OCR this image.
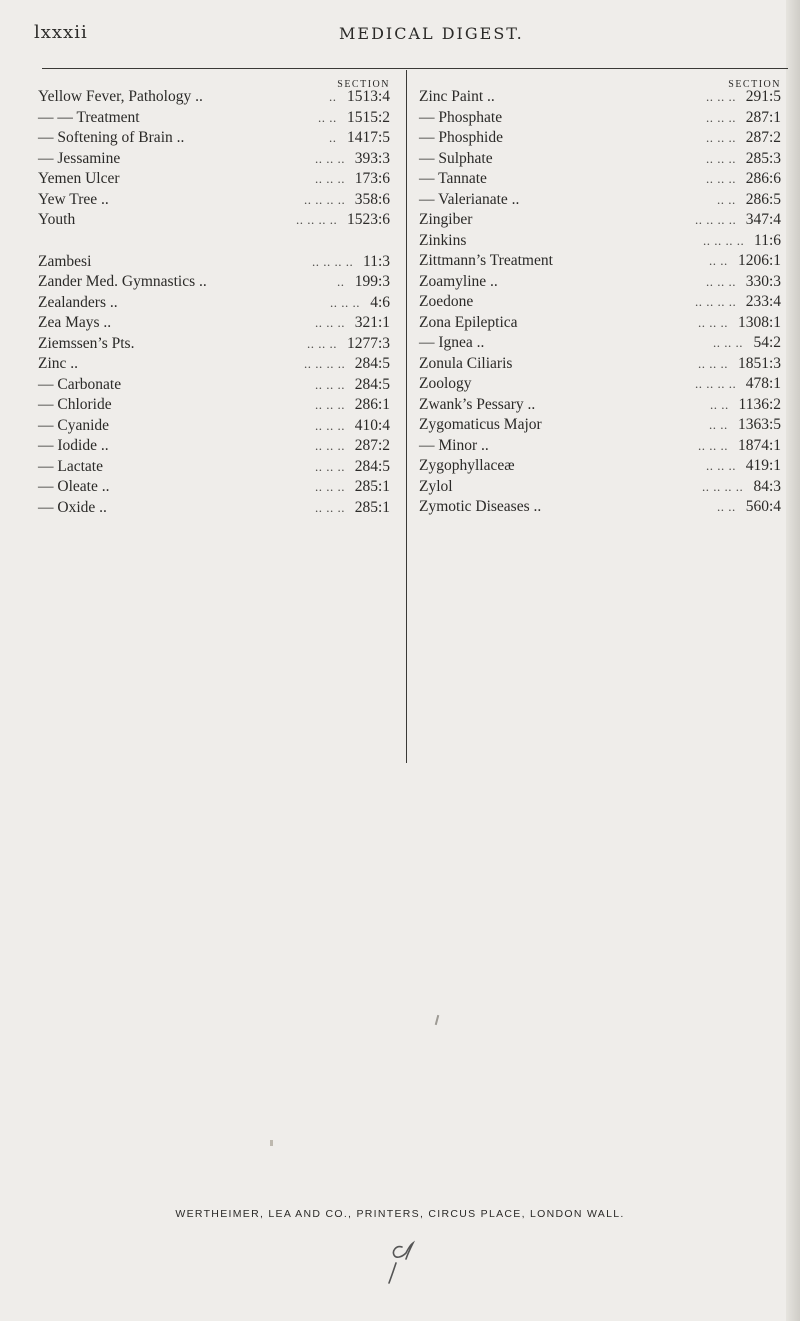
lxxxii	MEDICAL DIGEST.
SECTION
Yellow Fever, Pathology ..	.. 1513:4
— — Treatment	.. .. 1515:2
— Softening of Brain ..	.. 1417:5
— Jessamine	.. .. .. 393:3
Yemen Ulcer	.. .. .. 173:6
Yew Tree ..	.. .. .. .. 358:6
Youth	.. .. .. .. 1523:6
Zambesi	.. .. .. .. 11:3
Zander Med. Gymnastics ..	.. 199:3
Zealanders ..	.. .. .. 4:6
Zea Mays ..	.. .. .. 321:1
Ziemssen’s Pts.	.. .. .. 1277:3
Zinc ..	.. .. .. .. 284:5
— Carbonate	.. .. .. 284:5
— Chloride	.. .. .. 286:1
— Cyanide	.. .. .. 410:4
— Iodide ..	.. .. .. 287:2
— Lactate	.. .. .. 284:5
— Oleate ..	.. .. .. 285:1
— Oxide ..	.. .. .. 285:1
SECTION
Zinc Paint ..	.. .. .. 291:5
— Phosphate	.. .. .. 287:1
— Phosphide	.. .. .. 287:2
— Sulphate	.. .. .. 285:3
— Tannate	.. .. .. 286:6
— Valerianate ..	.. .. 286:5
Zingiber	.. .. .. .. 347:4
Zinkins	.. .. .. .. 11:6
Zittmann’s Treatment	.. .. 1206:1
Zoamyline ..	.. .. .. 330:3
Zoedone	.. .. .. .. 233:4
Zona Epileptica	.. .. .. 1308:1
— Ignea ..	.. .. .. 54:2
Zonula Ciliaris	.. .. .. 1851:3
Zoology	.. .. .. .. 478:1
Zwank’s Pessary ..	.. .. 1136:2
Zygomaticus Major	.. .. 1363:5
— Minor ..	.. .. .. 1874:1
Zygophyllaceæ	.. .. .. 419:1
Zylol	.. .. .. .. 84:3
Zymotic Diseases ..	.. .. 560:4
WERTHEIMER, LEA AND CO., PRINTERS, CIRCUS PLACE, LONDON WALL.
